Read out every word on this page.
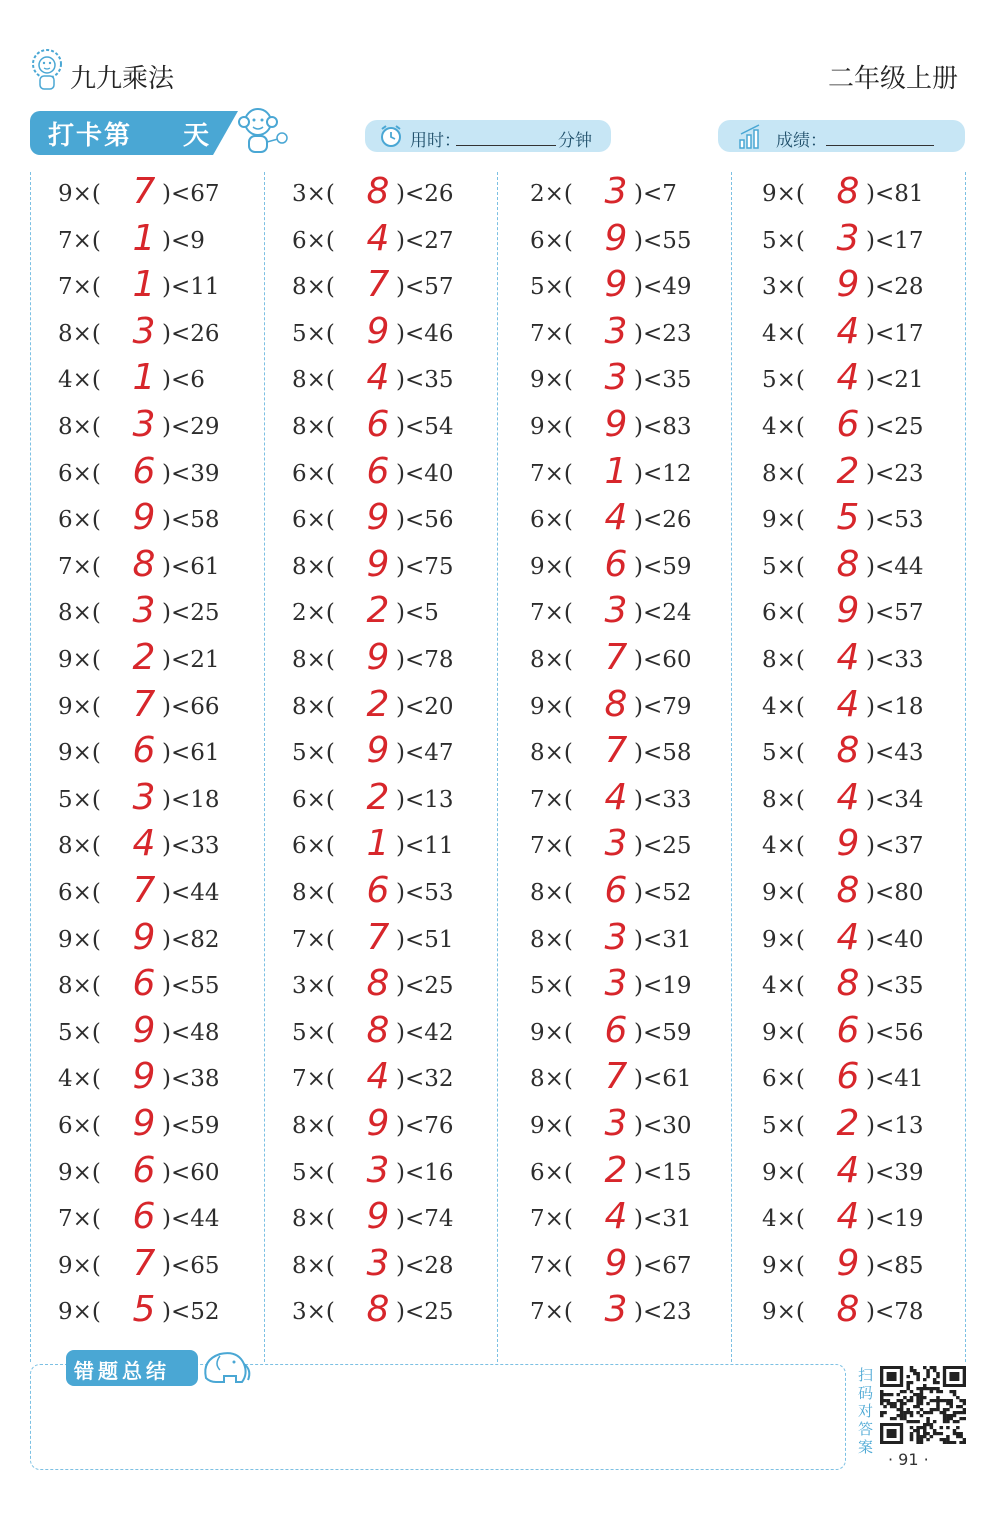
九九乘法	二年级上册
打卡第 天	用时：	分钟	成绩：
9×( 7 )<67
7×( 1 )<9
7×( 1 )<11
8×( 3 )<26
4×( 1 )<6
8×( 3 )<29
6×( 6 )<39
6×( 9 )<58
7×( 8 )<61
8×( 3 )<25
9×( 2 )<21
9×( 7 )<66
9×( 6 )<61
5×( 3 )<18
8×( 4 )<33
6×( 7 )<44
9×( 9 )<82
8×( 6 )<55
5×( 9 )<48
4×( 9 )<38
6×( 9 )<59
9×( 6 )<60
7×( 6 )<44
9×( 7 )<65
9×( 5 )<52
3×( 8 )<26
6×( 4 )<27
8×( 7 )<57
5×( 9 )<46
8×( 4 )<35
8×( 6 )<54
6×( 6 )<40
6×( 9 )<56
8×( 9 )<75
2×( 2 )<5
8×( 9 )<78
8×( 2 )<20
5×( 9 )<47
6×( 2 )<13
6×( 1 )<11
8×( 6 )<53
7×( 7 )<51
3×( 8 )<25
5×( 8 )<42
7×( 4 )<32
8×( 9 )<76
5×( 3 )<16
8×( 9 )<74
8×( 3 )<28
3×( 8 )<25
2×( 3 )<7
6×( 9 )<55
5×( 9 )<49
7×( 3 )<23
9×( 3 )<35
9×( 9 )<83
7×( 1 )<12
6×( 4 )<26
9×( 6 )<59
7×( 3 )<24
8×( 7 )<60
9×( 8 )<79
8×( 7 )<58
7×( 4 )<33
7×( 3 )<25
8×( 6 )<52
8×( 3 )<31
5×( 3 )<19
9×( 6 )<59
8×( 7 )<61
9×( 3 )<30
6×( 2 )<15
7×( 4 )<31
7×( 9 )<67
7×( 3 )<23
9×( 8 )<81
5×( 3 )<17
3×( 9 )<28
4×( 4 )<17
5×( 4 )<21
4×( 6 )<25
8×( 2 )<23
9×( 5 )<53
5×( 8 )<44
6×( 9 )<57
8×( 4 )<33
4×( 4 )<18
5×( 8 )<43
8×( 4 )<34
4×( 9 )<37
9×( 8 )<80
9×( 4 )<40
4×( 8 )<35
9×( 6 )<56
6×( 6 )<41
5×( 2 )<13
9×( 4 )<39
4×( 4 )<19
9×( 9 )<85
9×( 8 )<78
错题总结	扫码对答案
· 91 ·
